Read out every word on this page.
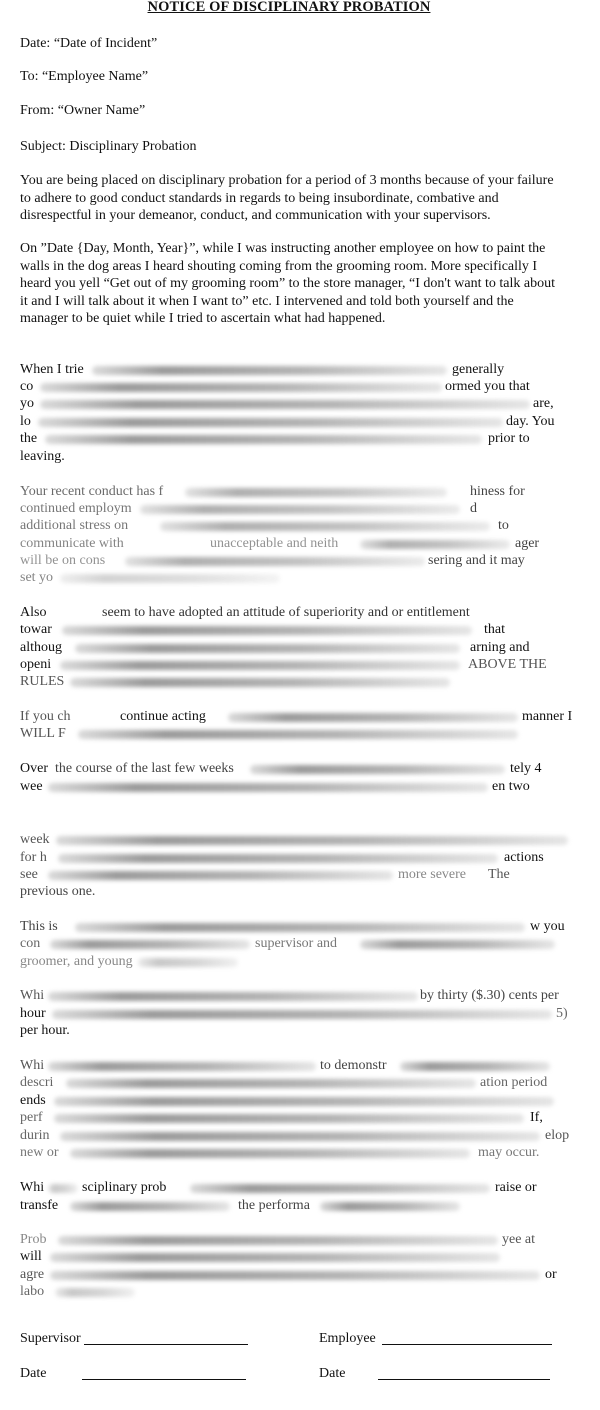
NOTICE OF DISCIPLINARY PROBATION
Date: “Date of Incident”
To: “Employee Name”
From: “Owner Name”
Subject: Disciplinary Probation
You are being placed on disciplinary probation for a period of 3 months because of your failure to adhere to good conduct standards in regards to being insubordinate, combative and disrespectful in your demeanor, conduct, and communication with your supervisors.
On ”Date {Day, Month, Year}”, while I was instructing another employee on how to paint the walls in the dog areas I heard shouting coming from the grooming room. More specifically I heard you yell “Get out of my grooming room” to the store manager, “I don't want to talk about it and I will talk about it when I want to” etc. I intervened and told both yourself and the manager to be quiet while I tried to ascertain what had happened.
When I trie	generally
co	ormed you that
yo	are,
lo	day. You
the	prior to
leaving.
Your recent conduct has f	hiness for
continued employm	d
additional stress on	to
communicate with	unacceptable and neith	ager
will be on cons	sering and it may
set yo
Also	seem to have adopted an attitude of superiority and or entitlement
towar	that
althoug	arning and
openi	ABOVE THE
RULES
If you ch	continue acting	manner I
WILL F
Over the course of the last few weeks	tely 4
wee	en two
week
for h	actions
see	more severe The
previous one.
This is	w you
con	supervisor and
groomer, and young
Whi	by thirty ($.30) cents per
hour	5)
per hour.
Whi	to demonstr
descri	ation period
ends
perf	If,
durin	elop
new or	may occur.
Whi	sciplinary prob	raise or
transfe	the performa
Prob	yee at
will
agre	or
labo
Supervisor	Employee
Date	Date
